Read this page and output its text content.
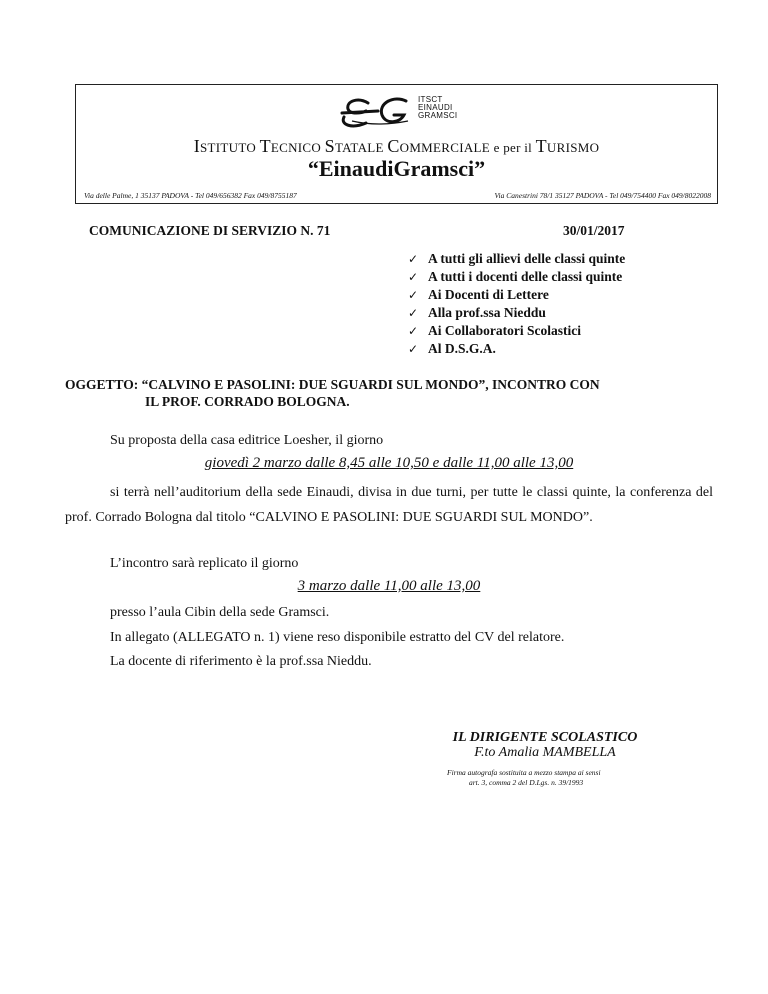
ITSCT
EINAUDI
GRAMSCI
ISTITUTO TECNICO STATALE COMMERCIALE e per il TURISMO
“EinaudiGramsci”
Via delle Palme, 1 35137 PADOVA - Tel 049/656382 Fax 049/8755187	Via Canestrini 78/1 35127 PADOVA - Tel 049/754400 Fax 049/8022008
COMUNICAZIONE DI SERVIZIO N. 71	30/01/2017
✓ A tutti gli allievi delle classi quinte
✓ A tutti i docenti delle classi quinte
✓ Ai Docenti di Lettere
✓ Alla prof.ssa Nieddu
✓ Ai Collaboratori Scolastici
✓ Al D.S.G.A.
OGGETTO: “CALVINO E PASOLINI: DUE SGUARDI SUL MONDO”, INCONTRO CON
IL PROF. CORRADO BOLOGNA.
Su proposta della casa editrice Loesher, il giorno
giovedì 2 marzo dalle 8,45 alle 10,50 e dalle 11,00 alle 13,00
si terrà nell’auditorium della sede Einaudi, divisa in due turni, per tutte le classi quinte, la conferenza del prof. Corrado Bologna dal titolo “CALVINO E PASOLINI: DUE SGUARDI SUL MONDO”.
L’incontro sarà replicato il giorno
3 marzo dalle 11,00 alle 13,00
presso l’aula Cibin della sede Gramsci.
In allegato (ALLEGATO n. 1) viene reso disponibile estratto del CV del relatore.
La docente di riferimento è la prof.ssa Nieddu.
IL DIRIGENTE SCOLASTICO
F.to Amalia MAMBELLA
Firma autografa sostituita a mezzo stampa ai sensi
art. 3, comma 2 del D.Lgs. n. 39/1993
